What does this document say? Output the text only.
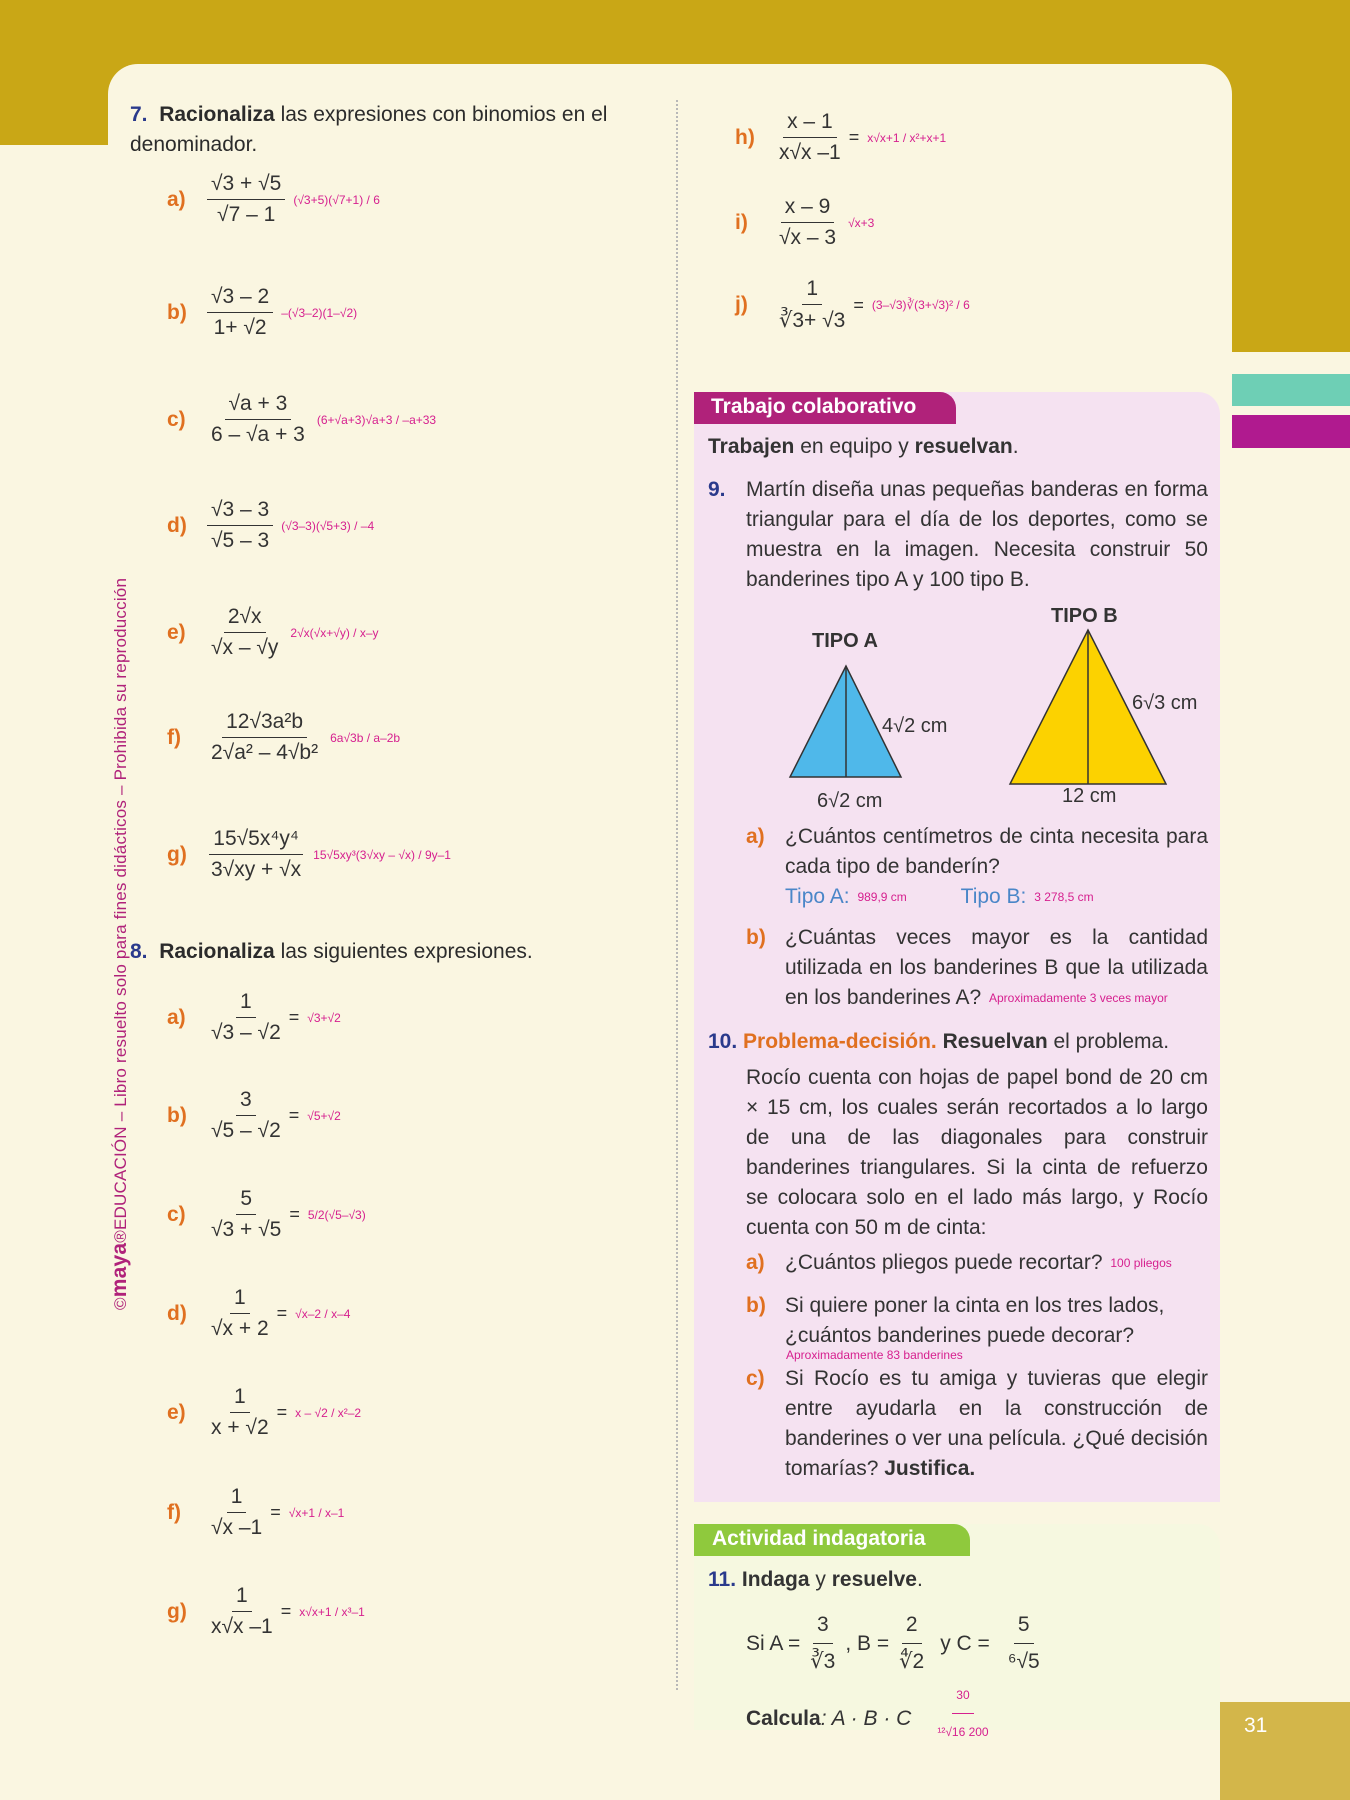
31
©maya®EDUCACIÓN – Libro resuelto solo para fines didácticos – Prohibida su reproducción
7. Racionaliza las expresiones con binomios en el denominador.
a)	$\frac{√3 + √5}{√7 - 1} (√3+5)(√7+1) / 6$
$b) \frac{√3 - 2}{1+ √2} -(√3-2)(1-√2)$
c)	$\frac{√a + 3}{6 - √a + 3} (6+√a+3)√a+3 / -a+33$
$d) \frac{√3 - 3}{√5 - 3} (√3-3)(√5+3) / -4$
e)	$\frac{2√x}{√x - √y} 2√x(√x+√y) / x-y$
f)	$\frac{\text{12√3a²b}}{\text{2√a² – 4√b²}} 6a√3b / a-2b$
$g) \frac{\text{15√5x⁴y⁴}}{3√xy + √x} 15√5xy^3(3√xy - √x) / 9y-1$
$h) \frac{x - 1}{x√x -1} = x√x+1 / x^2+x+1$
i)	$\frac{x - 9}{√x - 3} √x+3$
j)	$\frac{1}{∛3+ √3}$ = (3–√3)∛(3+√3)² / 6
a)	$\frac{1}{√3 - √2} = √3+√2$
$b) \frac{3}{√5 - √2} = √5+√2$
c)	$\frac{5}{√3 + √5} = 5/2(√5-√3)$
$d) \frac{1}{√x + 2} = √x-2 / x-4$
e)	$\frac{1}{x + √2} = x - √2 / x^2-2$
f)	$\frac{1}{√x -1} = √x+1 / x-1$
$g) \frac{1}{x√x -1} = x√x+1 / x^3-1$
8. Racionaliza las siguientes expresiones.
Trabajo colaborativo
Trabajen en equipo y resuelvan.
9. Martín diseña unas pequeñas banderas en forma triangular para el día de los deportes, como se muestra en la imagen. Necesita construir 50 banderines tipo A y 100 tipo B.
TIPO A
TIPO B
4√2 cm
6√2 cm
6√3 cm
12 cm
a) ¿Cuántos centímetros de cinta necesita para cada tipo de banderín?
Tipo A: 989,9 cm	Tipo B: 3 278,5 cm
b) ¿Cuántas veces mayor es la cantidad utilizada en los banderines B que la utilizada en los banderines A? Aproximadamente 3 veces mayor
10. Problema-decisión. Resuelvan el problema.
Rocío cuenta con hojas de papel bond de 20 cm × 15 cm, los cuales serán recortados a lo largo de una de las diagonales para construir banderines triangulares. Si la cinta de refuerzo se colocara solo en el lado más largo, y Rocío cuenta con 50 m de cinta:
a) ¿Cuántos pliegos puede recortar? 100 pliegos
b) Si quiere poner la cinta en los tres lados, ¿cuántos banderines puede decorar?
Aproximadamente 83 banderines
c) Si Rocío es tu amiga y tuvieras que elegir entre ayudarla en la construcción de banderines o ver una película. ¿Qué decisión tomarías? Justifica.
Actividad indagatoria
11. Indaga y resuelve.
Si $A = \frac{3}{∛3}$ , $B = \frac{2}{∜2}$ y $C = \frac{5}{\text{⁶√5}}$
Calcula : A · B · C $\frac{30}{\text{¹²√16 200}}$
